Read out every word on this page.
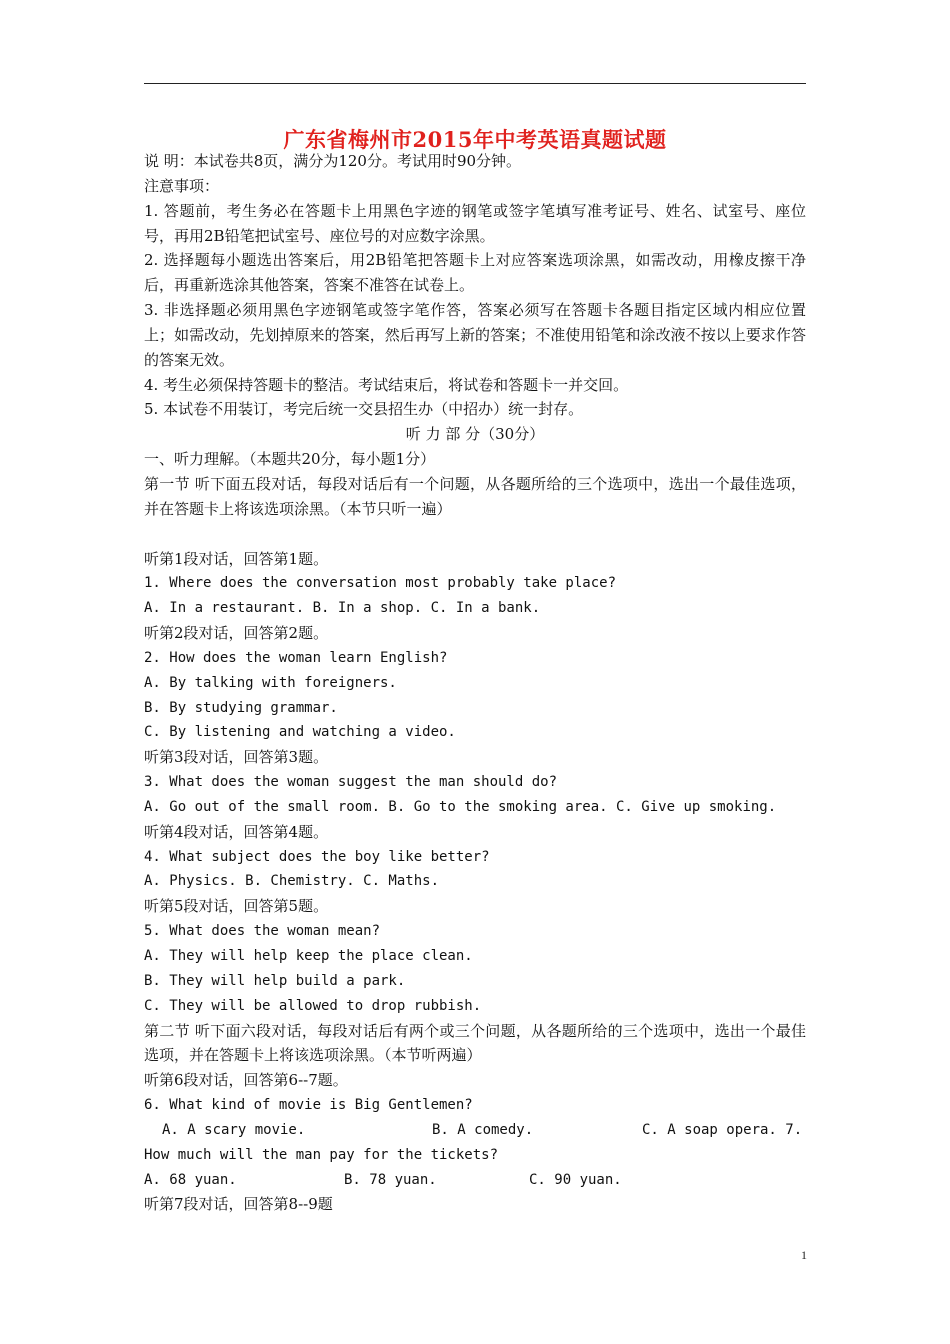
广东省梅州市2015年中考英语真题试题
说 明：本试卷共8页，满分为120分。考试用时90分钟。
注意事项：
1. 答题前，考生务必在答题卡上用黑色字迹的钢笔或签字笔填写准考证号、姓名、试室号、座位号，再用2B铅笔把试室号、座位号的对应数字涂黑。
2. 选择题每小题选出答案后，用2B铅笔把答题卡上对应答案选项涂黑，如需改动，用橡皮擦干净后，再重新选涂其他答案，答案不准答在试卷上。
3. 非选择题必须用黑色字迹钢笔或签字笔作答，答案必须写在答题卡各题目指定区域内相应位置上；如需改动，先划掉原来的答案，然后再写上新的答案；不准使用铅笔和涂改液不按以上要求作答的答案无效。
4. 考生必须保持答题卡的整洁。考试结束后，将试卷和答题卡一并交回。
5. 本试卷不用装订，考完后统一交县招生办（中招办）统一封存。
听 力 部 分（30分）
一、听力理解。（本题共20分，每小题1分）
第一节 听下面五段对话，每段对话后有一个问题，从各题所给的三个选项中，选出一个最佳选项，并在答题卡上将该选项涂黑。（本节只听一遍）
听第1段对话，回答第1题。
1. Where does the conversation most probably take place?
A. In a restaurant. B. In a shop. C. In a bank.
听第2段对话，回答第2题。
2. How does the woman learn English?
A. By talking with foreigners.
B. By studying grammar.
C. By listening and watching a video.
听第3段对话，回答第3题。
3. What does the woman suggest the man should do?
A. Go out of the small room. B. Go to the smoking area. C. Give up smoking.
听第4段对话，回答第4题。
4. What subject does the boy like better?
A. Physics. B. Chemistry. C. Maths.
听第5段对话，回答第5题。
5. What does the woman mean?
A. They will help keep the place clean.
B. They will help build a park.
C. They will be allowed to drop rubbish.
第二节 听下面六段对话，每段对话后有两个或三个问题，从各题所给的三个选项中，选出一个最佳选项，并在答题卡上将该选项涂黑。（本节听两遍）
听第6段对话，回答第6--7题。
6. What kind of movie is Big Gentlemen?
A. A scary movie.	B. A comedy.	C. A soap opera. 7.
How much will the man pay for the tickets?
A. 68 yuan.	B. 78 yuan.	C. 90 yuan.
听第7段对话，回答第8--9题
1
